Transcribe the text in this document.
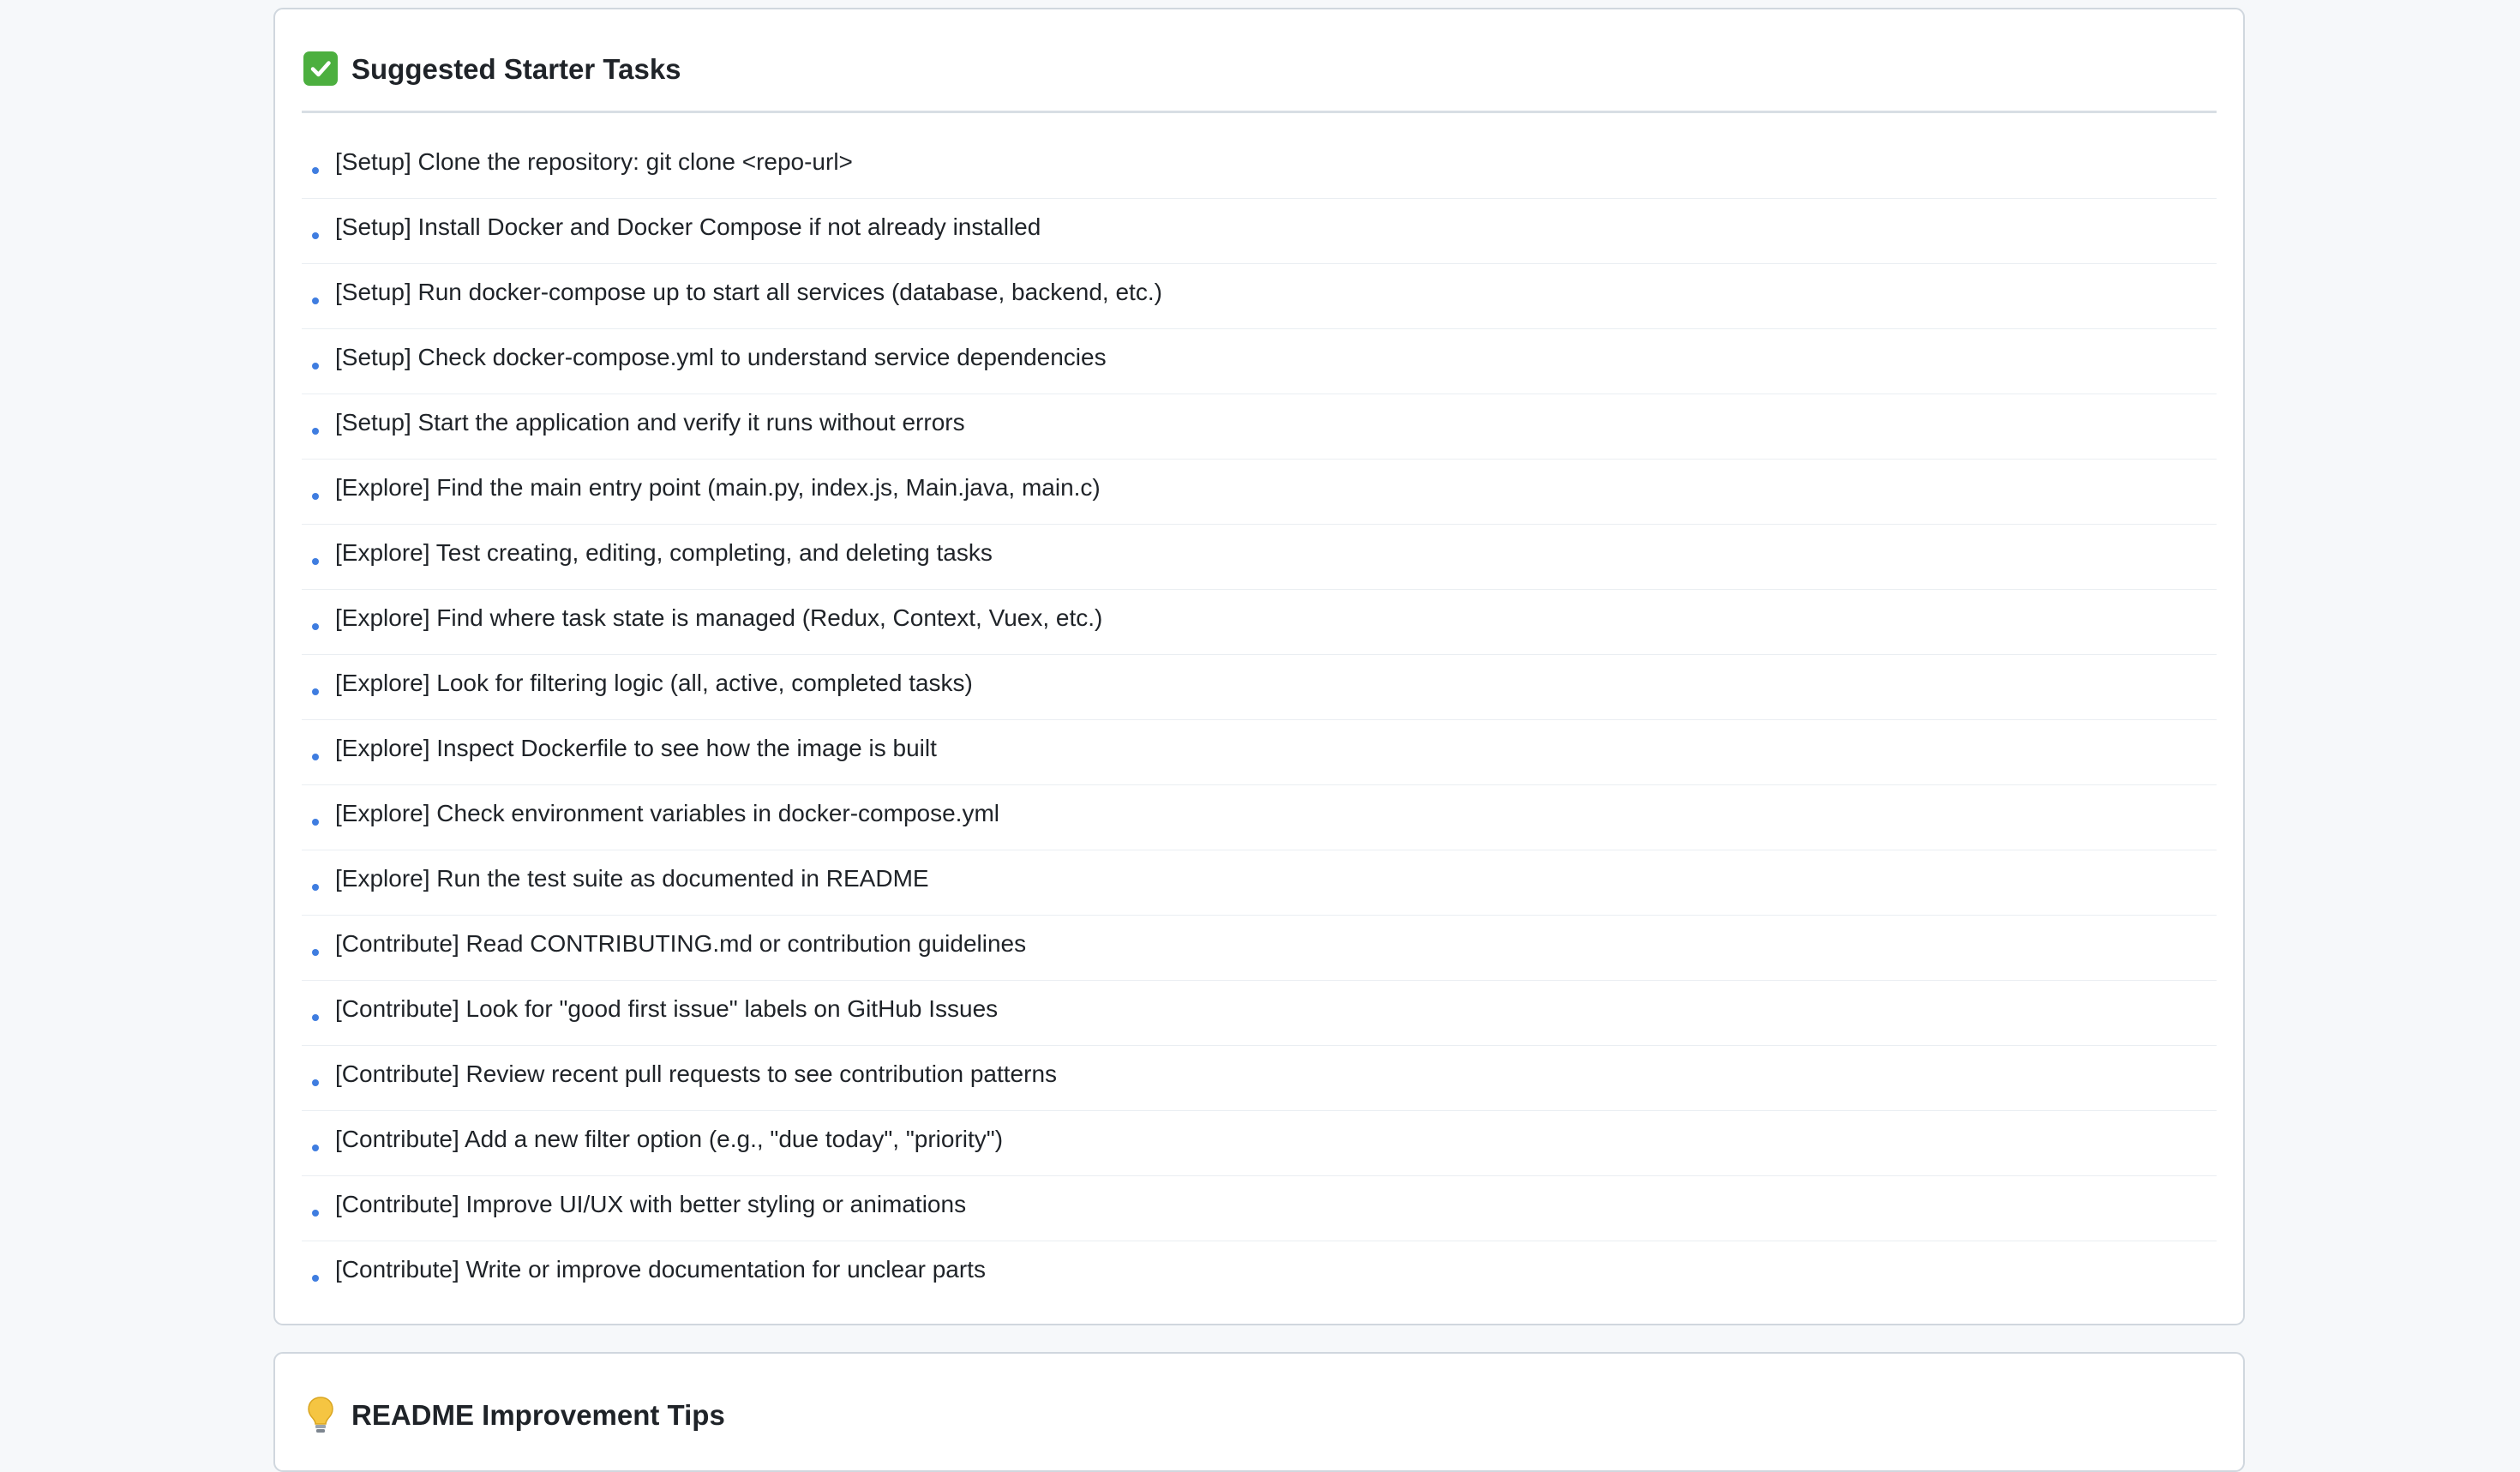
Suggested Starter Tasks
[Setup] Clone the repository: git clone <repo-url>
[Setup] Install Docker and Docker Compose if not already installed
[Setup] Run docker-compose up to start all services (database, backend, etc.)
[Setup] Check docker-compose.yml to understand service dependencies
[Setup] Start the application and verify it runs without errors
[Explore] Find the main entry point (main.py, index.js, Main.java, main.c)
[Explore] Test creating, editing, completing, and deleting tasks
[Explore] Find where task state is managed (Redux, Context, Vuex, etc.)
[Explore] Look for filtering logic (all, active, completed tasks)
[Explore] Inspect Dockerfile to see how the image is built
[Explore] Check environment variables in docker-compose.yml
[Explore] Run the test suite as documented in README
[Contribute] Read CONTRIBUTING.md or contribution guidelines
[Contribute] Look for "good first issue" labels on GitHub Issues
[Contribute] Review recent pull requests to see contribution patterns
[Contribute] Add a new filter option (e.g., "due today", "priority")
[Contribute] Improve UI/UX with better styling or animations
[Contribute] Write or improve documentation for unclear parts
README Improvement Tips
